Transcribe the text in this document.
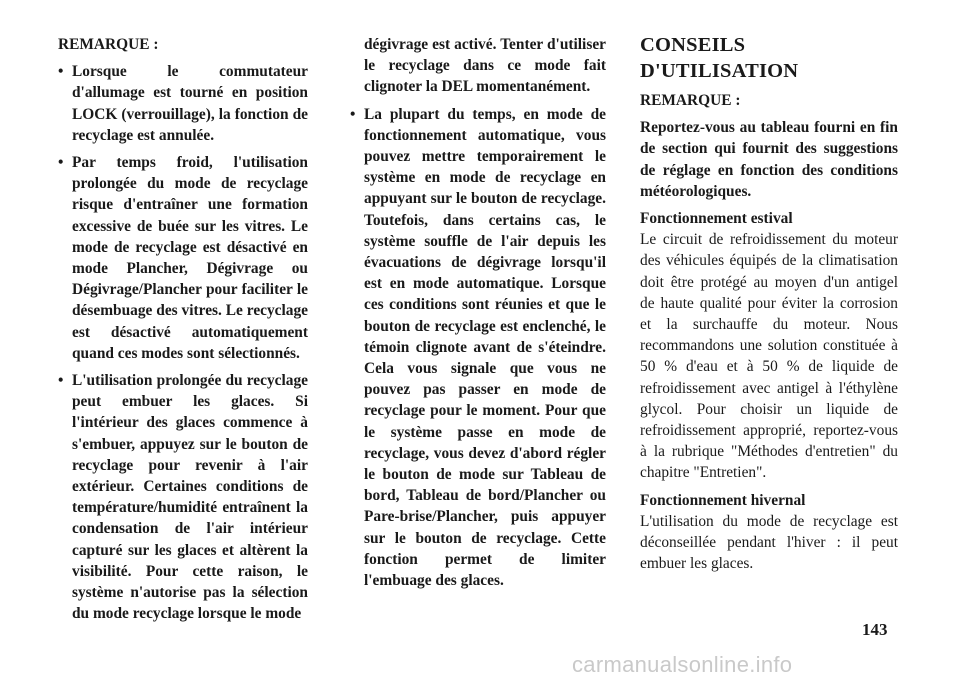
REMARQUE :

• Lorsque le commutateur d'allumage est tourné en position LOCK (verrouillage), la fonction de recyclage est annulée.
• Par temps froid, l'utilisation prolongée du mode de recyclage risque d'entraîner une formation excessive de buée sur les vitres. Le mode de recyclage est désactivé en mode Plancher, Dégivrage ou Dégivrage/Plancher pour faciliter le désembuage des vitres. Le recyclage est désactivé automatiquement quand ces modes sont sélectionnés.
• L'utilisation prolongée du recyclage peut embuer les glaces. Si l'intérieur des glaces commence à s'embuer, appuyez sur le bouton de recyclage pour revenir à l'air extérieur. Certaines conditions de température/humidité entraînent la condensation de l'air intérieur capturé sur les glaces et altèrent la visibilité. Pour cette raison, le système n'autorise pas la sélection du mode recyclage lorsque le mode

dégivrage est activé. Tenter d'utiliser le recyclage dans ce mode fait clignoter la DEL momentanément.

• La plupart du temps, en mode de fonctionnement automatique, vous pouvez mettre temporairement le système en mode de recyclage en appuyant sur le bouton de recyclage. Toutefois, dans certains cas, le système souffle de l'air depuis les évacuations de dégivrage lorsqu'il est en mode automatique. Lorsque ces conditions sont réunies et que le bouton de recyclage est enclenché, le témoin clignote avant de s'éteindre. Cela vous signale que vous ne pouvez pas passer en mode de recyclage pour le moment. Pour que le système passe en mode de recyclage, vous devez d'abord régler le bouton de mode sur Tableau de bord, Tableau de bord/Plancher ou Pare-brise/Plancher, puis appuyer sur le bouton de recyclage. Cette fonction permet de limiter l'embuage des glaces.
CONSEILS D'UTILISATION

REMARQUE :

Reportez-vous au tableau fourni en fin de section qui fournit des suggestions de réglage en fonction des conditions météorologiques.

Fonctionnement estival

Le circuit de refroidissement du moteur des véhicules équipés de la climatisation doit être protégé au moyen d'un antigel de haute qualité pour éviter la corrosion et la surchauffe du moteur. Nous recommandons une solution constituée à 50 % d'eau et à 50 % de liquide de refroidissement avec antigel à l'éthylène glycol. Pour choisir un liquide de refroidissement approprié, reportez-vous à la rubrique "Méthodes d'entretien" du chapitre "Entretien".

Fonctionnement hivernal

L'utilisation du mode de recyclage est déconseillée pendant l'hiver : il peut embuer les glaces.

143
carmanualsonline.info
